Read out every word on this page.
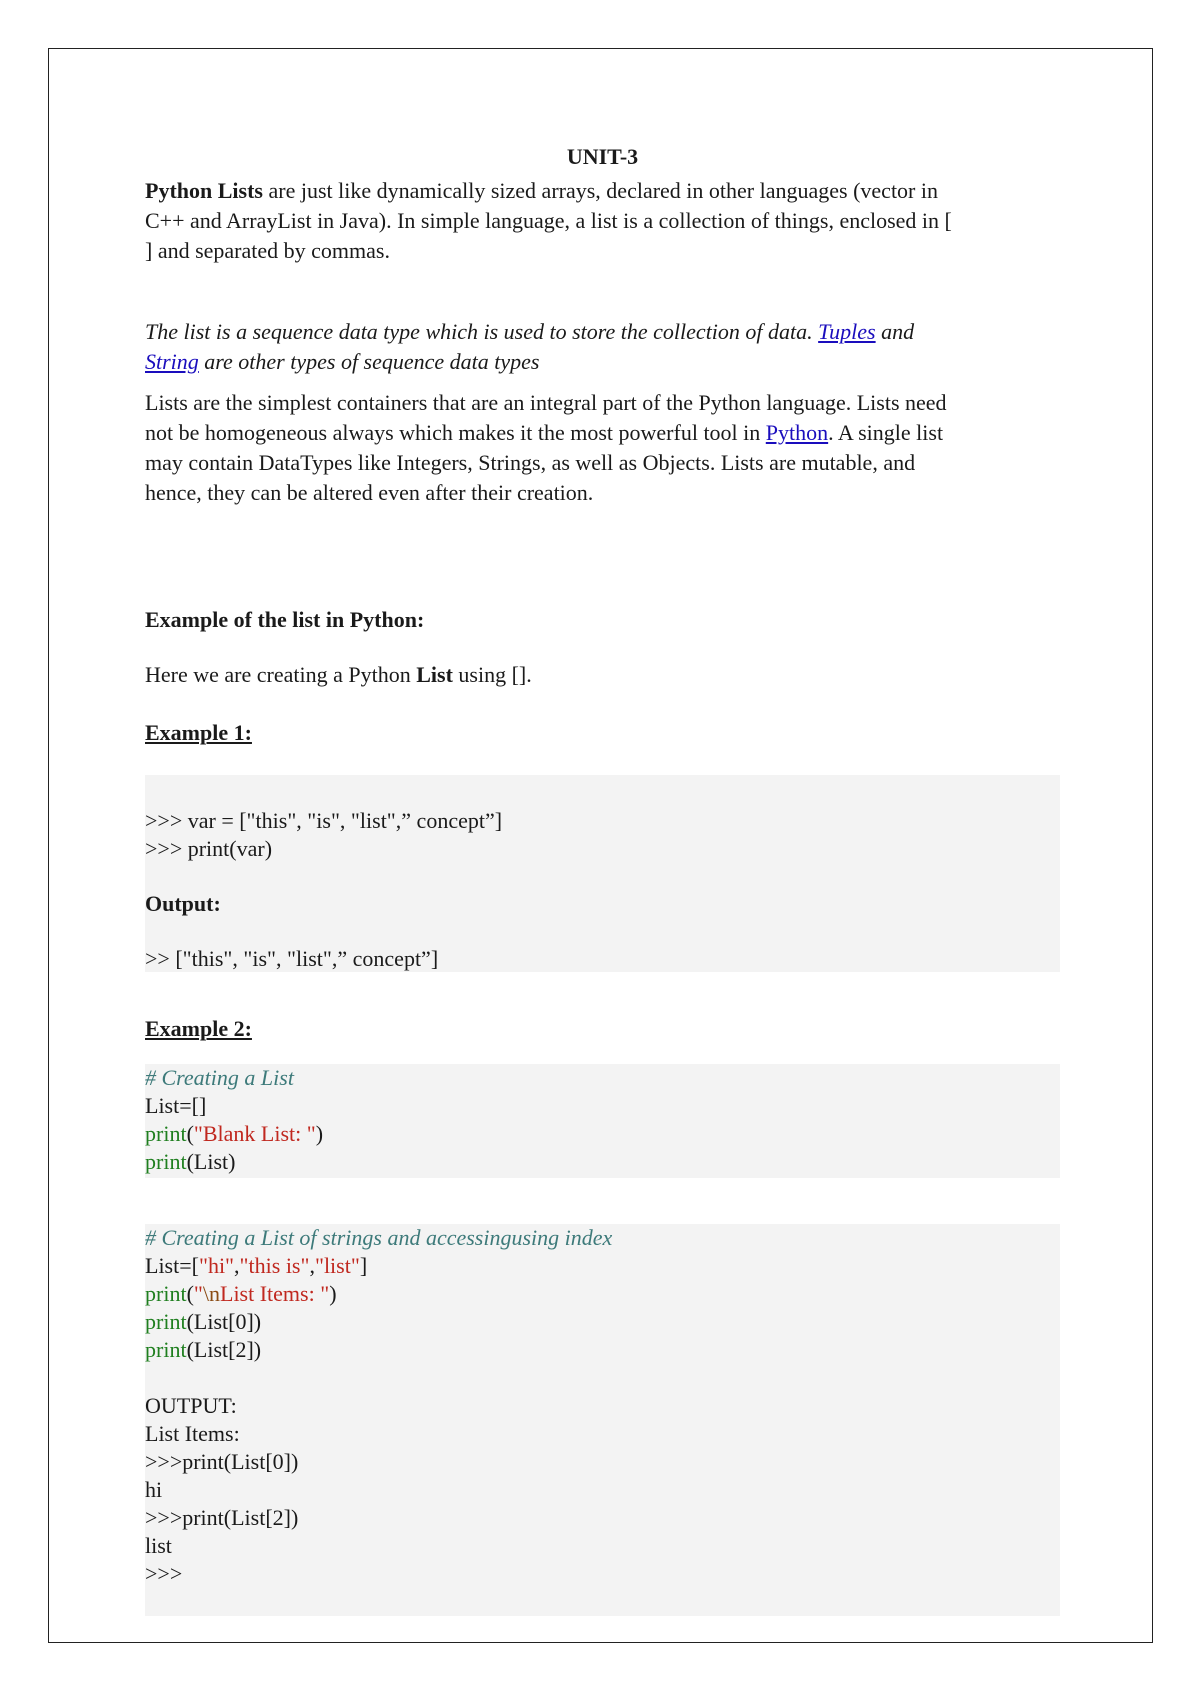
UNIT-3

Python Lists are just like dynamically sized arrays, declared in other languages (vector in
C++ and ArrayList in Java). In simple language, a list is a collection of things, enclosed in [
] and separated by commas.

The list is a sequence data type which is used to store the collection of data. Tuples and
String are other types of sequence data types

Lists are the simplest containers that are an integral part of the Python language. Lists need
not be homogeneous always which makes it the most powerful tool in Python. A single list
may contain DataTypes like Integers, Strings, as well as Objects. Lists are mutable, and
hence, they can be altered even after their creation.

Example of the list in Python:

Here we are creating a Python List using [].

Example 1:
>>> var = ["this", "is", "list",” concept”]
>>> print(var)
Output:
>> ["this", "is", "list",” concept”]
Example 2:
# Creating a List
List=[]
print("Blank List: ")
print(List)
# Creating a List of strings and accessingusing index
List=["hi","this is","list"]
print("\nList Items: ")
print(List[0])
print(List[2])
OUTPUT:
List Items:
>>>print(List[0])
hi
>>>print(List[2])
list
>>>
